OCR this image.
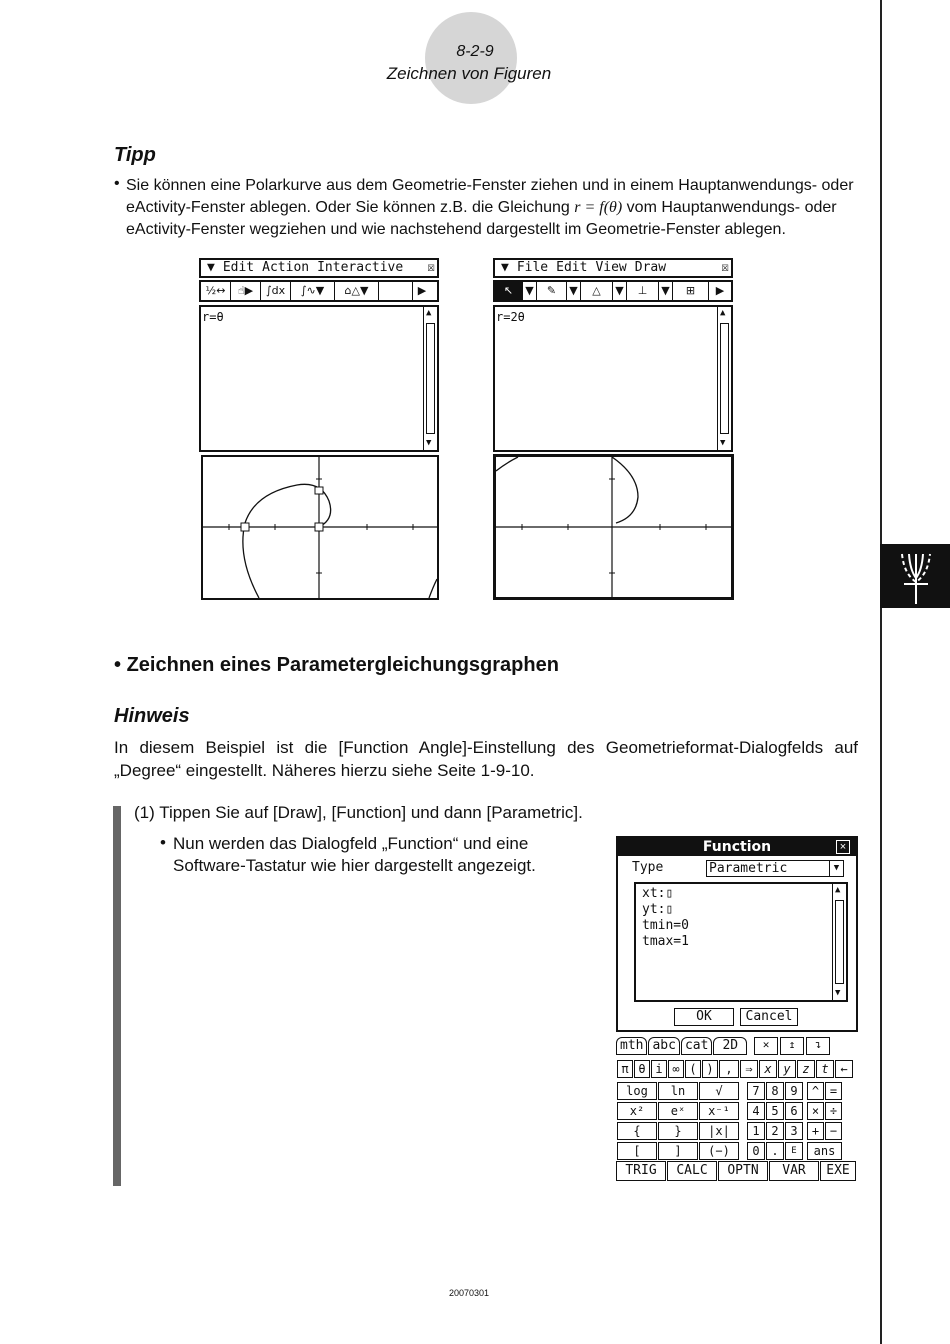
8-2-9
Zeichnen von Figuren
Tipp
• Sie können eine Polarkurve aus dem Geometrie-Fenster ziehen und in einem Hauptanwendungs- oder eActivity-Fenster ablegen. Oder Sie können z.B. die Gleichung r = f(θ) vom Hauptanwendungs- oder eActivity-Fenster wegziehen und wie nachstehend dargestellt im Geometrie-Fenster ablegen.
▼ Edit Action Interactive ☒
½↔	☝▶	∫dx	∫∿▼	⌂△▼	▶
r=θ	▲
▼
▼ File Edit View Draw	☒
↖	▼	✎	▼	△	▼	⊥	▼	⊞	▶
r=2θ	▲
▼
• Zeichnen eines Parametergleichungsgraphen
Hinweis
In diesem Beispiel ist die [Function Angle]-Einstellung des Geometrieformat-Dialogfelds auf „Degree“ eingestellt. Näheres hierzu siehe Seite 1-9-10.
(1) Tippen Sie auf [Draw], [Function] und dann [Parametric].
• Nun werden das Dialogfeld „Function“ und eine Software-Tastatur wie hier dargestellt angezeigt.
Function	×
Type	Parametric	▼
xt:▯
yt:▯
tmin=0
tmax=1
▲
▼
OK	Cancel
mth abc cat	2D	✕	↥	↴
π θ i ∞ ( ) ,	⇒ x y z t ←
log	ln	√	7 8 9	^ =
x²	eˣ	x⁻¹	4 5 6	× ÷
{	}	|x|	1 2 3	+ −
[	]	(−)	0 .	E	ans
TRIG	CALC	OPTN	VAR	EXE
20070301
